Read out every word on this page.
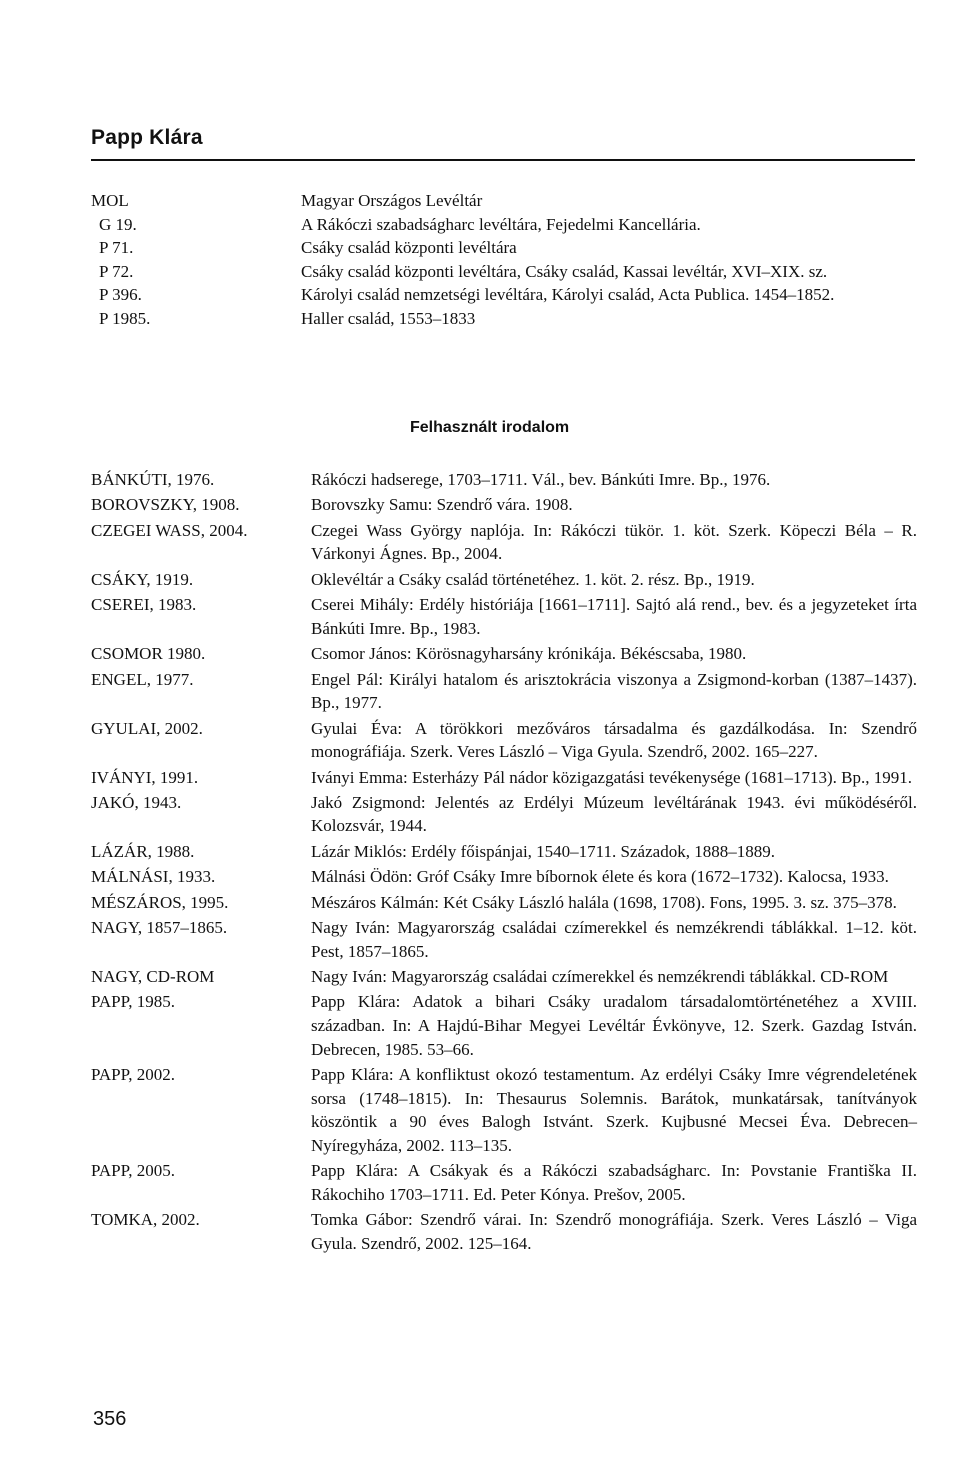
Papp Klára
MOL	Magyar Országos Levéltár
G 19.	A Rákóczi szabadságharc levéltára, Fejedelmi Kancellária.
P 71.	Csáky család központi levéltára
P 72.	Csáky család központi levéltára, Csáky család, Kassai levéltár, XVI–XIX. sz.
P 396.	Károlyi család nemzetségi levéltára, Károlyi család, Acta Publica. 1454–1852.
P 1985.	Haller család, 1553–1833
Felhasznált irodalom
BÁNKÚTI, 1976.	Rákóczi hadserege, 1703–1711. Vál., bev. Bánkúti Imre. Bp., 1976.
BOROVSZKY, 1908.	Borovszky Samu: Szendrő vára. 1908.
CZEGEI WASS, 2004.	Czegei Wass György naplója. In: Rákóczi tükör. 1. köt. Szerk. Köpeczi Béla – R. Várkonyi Ágnes. Bp., 2004.
CSÁKY, 1919.	Oklevéltár a Csáky család történetéhez. 1. köt. 2. rész. Bp., 1919.
CSEREI, 1983.	Cserei Mihály: Erdély históriája [1661–1711]. Sajtó alá rend., bev. és a jegyzeteket írta Bánkúti Imre. Bp., 1983.
CSOMOR 1980.	Csomor János: Körösnagyharsány krónikája. Békéscsaba, 1980.
ENGEL, 1977.	Engel Pál: Királyi hatalom és arisztokrácia viszonya a Zsigmond-korban (1387–1437). Bp., 1977.
GYULAI, 2002.	Gyulai Éva: A törökkori mezőváros társadalma és gazdálkodása. In: Szendrő monográfiája. Szerk. Veres László – Viga Gyula. Szendrő, 2002. 165–227.
IVÁNYI, 1991.	Iványi Emma: Esterházy Pál nádor közigazgatási tevékenysége (1681–1713). Bp., 1991.
JAKÓ, 1943.	Jakó Zsigmond: Jelentés az Erdélyi Múzeum levéltárának 1943. évi működéséről. Kolozsvár, 1944.
LÁZÁR, 1988.	Lázár Miklós: Erdély főispánjai, 1540–1711. Századok, 1888–1889.
MÁLNÁSI, 1933.	Málnási Ödön: Gróf Csáky Imre bíbornok élete és kora (1672–1732). Kalocsa, 1933.
MÉSZÁROS, 1995.	Mészáros Kálmán: Két Csáky László halála (1698, 1708). Fons, 1995. 3. sz. 375–378.
NAGY, 1857–1865.	Nagy Iván: Magyarország családai czímerekkel és nemzékrendi táblákkal. 1–12. köt. Pest, 1857–1865.
NAGY, CD-ROM	Nagy Iván: Magyarország családai czímerekkel és nemzékrendi táblákkal. CD-ROM
PAPP, 1985.	Papp Klára: Adatok a bihari Csáky uradalom társadalomtörténetéhez a XVIII. században. In: A Hajdú-Bihar Megyei Levéltár Évkönyve, 12. Szerk. Gazdag István. Debrecen, 1985. 53–66.
PAPP, 2002.	Papp Klára: A konfliktust okozó testamentum. Az erdélyi Csáky Imre végrendeletének sorsa (1748–1815). In: Thesaurus Solemnis. Barátok, munkatársak, tanítványok köszöntik a 90 éves Balogh Istvánt. Szerk. Kujbusné Mecsei Éva. Debrecen–Nyíregyháza, 2002. 113–135.
PAPP, 2005.	Papp Klára: A Csákyak és a Rákóczi szabadságharc. In: Povstanie Františka II. Rákochiho 1703–1711. Ed. Peter Kónya. Prešov, 2005.
TOMKA, 2002.	Tomka Gábor: Szendrő várai. In: Szendrő monográfiája. Szerk. Veres László – Viga Gyula. Szendrő, 2002. 125–164.
356
